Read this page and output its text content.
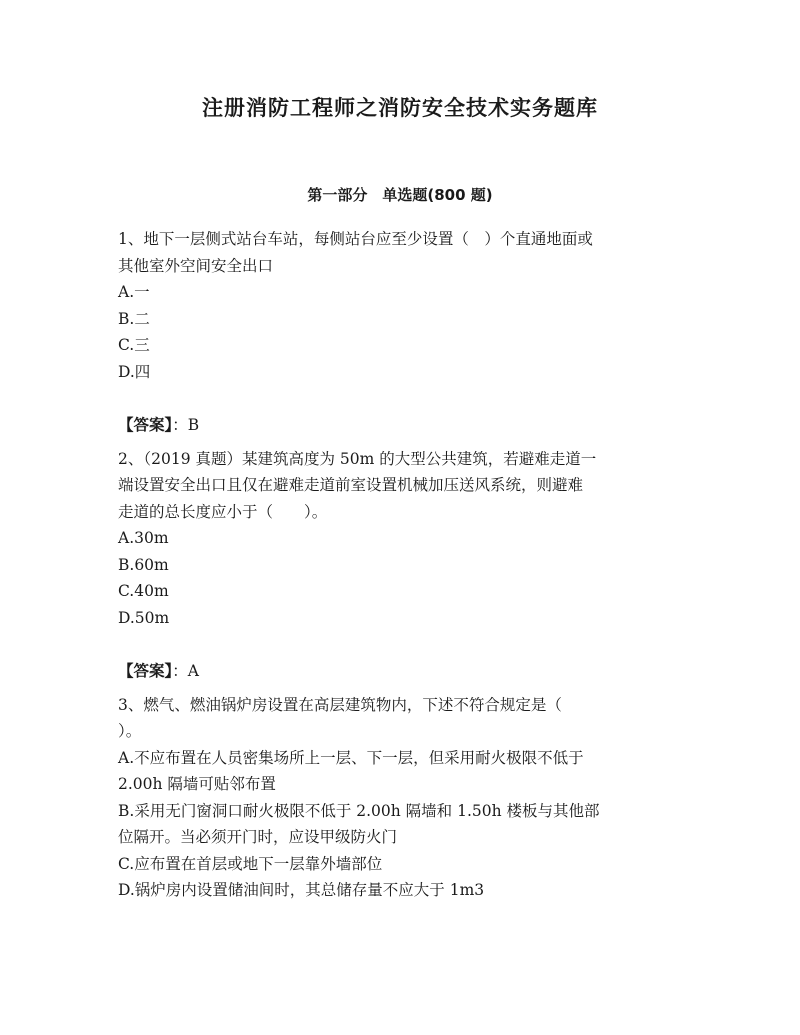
注册消防工程师之消防安全技术实务题库
第一部分　单选题(800 题)

1、地下一层侧式站台车站，每侧站台应至少设置（　）个直通地面或

其他室外空间安全出口

A.一

B.二

C.三

D.四

【答案】：B

2、（2019 真题）某建筑高度为 50m 的大型公共建筑，若避难走道一

端设置安全出口且仅在避难走道前室设置机械加压送风系统，则避难

走道的总长度应小于（　　）。

A.30m

B.60m

C.40m

D.50m

【答案】：A

3、燃气、燃油锅炉房设置在高层建筑物内，下述不符合规定是（

）。

A.不应布置在人员密集场所上一层、下一层，但采用耐火极限不低于

2.00h 隔墙可贴邻布置

B.采用无门窗洞口耐火极限不低于 2.00h 隔墙和 1.50h 楼板与其他部

位隔开。当必须开门时，应设甲级防火门

C.应布置在首层或地下一层靠外墙部位

D.锅炉房内设置储油间时，其总储存量不应大于 1m3
